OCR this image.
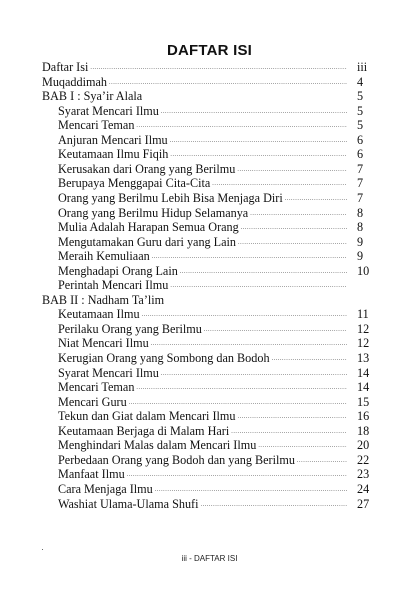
DAFTAR ISI
Daftar Isi .....	iii
Muqaddimah .....	4
BAB I : Sya’ir Alala	5
Syarat Mencari Ilmu .....	5
Mencari Teman .....	5
Anjuran Mencari Ilmu .....	6
Keutamaan Ilmu Fiqih .....	6
Kerusakan dari Orang yang Berilmu .....	7
Berupaya Menggapai Cita-Cita .....	7
Orang yang Berilmu Lebih Bisa Menjaga Diri .....	7
Orang yang Berilmu Hidup Selamanya .....	8
Mulia Adalah Harapan Semua Orang .....	8
Mengutamakan Guru dari yang Lain .....	9
Meraih Kemuliaan .....	9
Menghadapi Orang Lain .....	10
Perintah Mencari Ilmu
.....
BAB II : Nadham Ta’lim
Keutamaan Ilmu .....	11
Perilaku Orang yang Berilmu .....	12
Niat Mencari Ilmu .....	12
Kerugian Orang yang Sombong dan Bodoh .....	13
Syarat Mencari Ilmu .....	14
Mencari Teman .....	14
Mencari Guru .....	15
Tekun dan Giat dalam Mencari Ilmu .....	16
Keutamaan Berjaga di Malam Hari .....	18
Menghindari Malas dalam Mencari Ilmu .....	20
Perbedaan Orang yang Bodoh dan yang Berilmu .....	22
Manfaat Ilmu .....	23
Cara Menjaga Ilmu .....	24
Washiat Ulama-Ulama Shufi .....	27
iii - DAFTAR ISI
